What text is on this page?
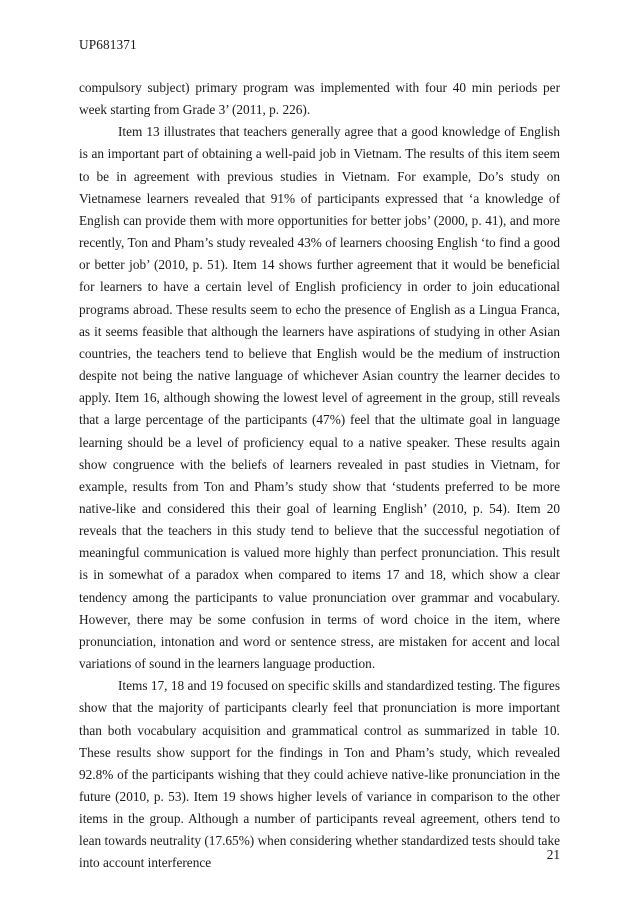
UP681371

compulsory subject) primary program was implemented with four 40 min periods per week starting from Grade 3’ (2011, p. 226).

Item 13 illustrates that teachers generally agree that a good knowledge of English is an important part of obtaining a well-paid job in Vietnam. The results of this item seem to be in agreement with previous studies in Vietnam. For example, Do’s study on Vietnamese learners revealed that 91% of participants expressed that ‘a knowledge of English can provide them with more opportunities for better jobs’ (2000, p. 41), and more recently, Ton and Pham’s study revealed 43% of learners choosing English ‘to find a good or better job’ (2010, p. 51). Item 14 shows further agreement that it would be beneficial for learners to have a certain level of English proficiency in order to join educational programs abroad. These results seem to echo the presence of English as a Lingua Franca, as it seems feasible that although the learners have aspirations of studying in other Asian countries, the teachers tend to believe that English would be the medium of instruction despite not being the native language of whichever Asian country the learner decides to apply. Item 16, although showing the lowest level of agreement in the group, still reveals that a large percentage of the participants (47%) feel that the ultimate goal in language learning should be a level of proficiency equal to a native speaker. These results again show congruence with the beliefs of learners revealed in past studies in Vietnam, for example, results from Ton and Pham’s study show that ‘students preferred to be more native-like and considered this their goal of learning English’ (2010, p. 54). Item 20 reveals that the teachers in this study tend to believe that the successful negotiation of meaningful communication is valued more highly than perfect pronunciation. This result is in somewhat of a paradox when compared to items 17 and 18, which show a clear tendency among the participants to value pronunciation over grammar and vocabulary. However, there may be some confusion in terms of word choice in the item, where pronunciation, intonation and word or sentence stress, are mistaken for accent and local variations of sound in the learners language production.

Items 17, 18 and 19 focused on specific skills and standardized testing. The figures show that the majority of participants clearly feel that pronunciation is more important than both vocabulary acquisition and grammatical control as summarized in table 10. These results show support for the findings in Ton and Pham’s study, which revealed 92.8% of the participants wishing that they could achieve native-like pronunciation in the future (2010, p. 53). Item 19 shows higher levels of variance in comparison to the other items in the group. Although a number of participants reveal agreement, others tend to lean towards neutrality (17.65%) when considering whether standardized tests should take into account interference

21
